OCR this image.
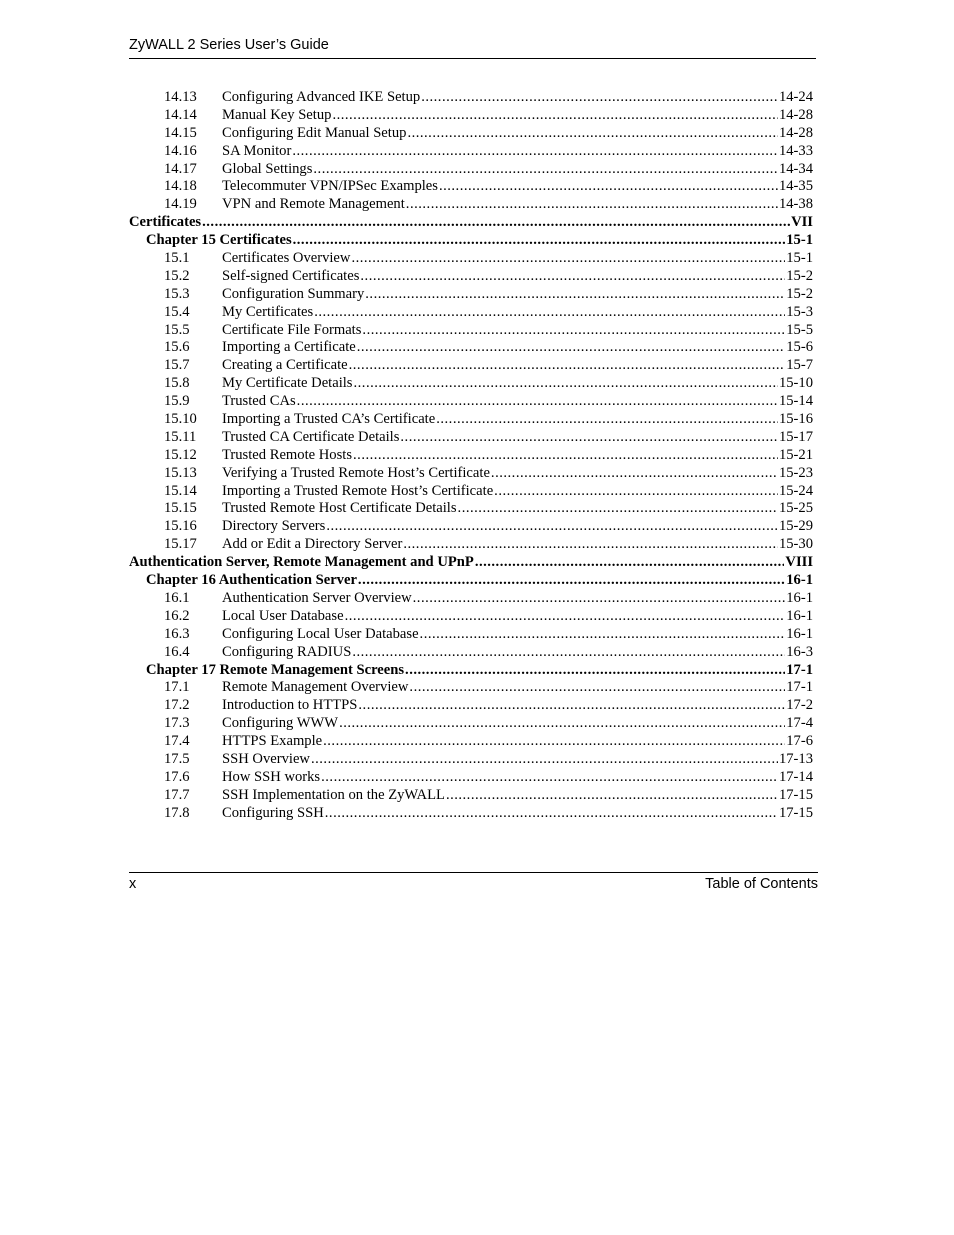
ZyWALL 2 Series User’s Guide
14.13	Configuring Advanced IKE Setup .....	14-24
14.14	Manual Key Setup .....	14-28
14.15	Configuring Edit Manual Setup .....	14-28
14.16	SA Monitor .....	14-33
14.17	Global Settings .....	14-34
14.18	Telecommuter VPN/IPSec Examples .....	14-35
14.19	VPN and Remote Management .....	14-38
Certificates .....	VII
Chapter 15 Certificates .....	15-1
15.1	Certificates Overview .....	15-1
15.2	Self-signed Certificates .....	15-2
15.3	Configuration Summary .....	15-2
15.4	My Certificates .....	15-3
15.5	Certificate File Formats .....	15-5
15.6	Importing a Certificate .....	15-6
15.7	Creating a Certificate .....	15-7
15.8	My Certificate Details .....	15-10
15.9	Trusted CAs .....	15-14
15.10	Importing a Trusted CA’s Certificate .....	15-16
15.11	Trusted CA Certificate Details .....	15-17
15.12	Trusted Remote Hosts .....	15-21
15.13	Verifying a Trusted Remote Host’s Certificate .....	15-23
15.14	Importing a Trusted Remote Host’s Certificate .....	15-24
15.15	Trusted Remote Host Certificate Details .....	15-25
15.16	Directory Servers .....	15-29
15.17	Add or Edit a Directory Server .....	15-30
Authentication Server, Remote Management and UPnP .....	VIII
Chapter 16 Authentication Server .....	16-1
16.1	Authentication Server Overview .....	16-1
16.2	Local User Database .....	16-1
16.3	Configuring Local User Database .....	16-1
16.4	Configuring RADIUS .....	16-3
Chapter 17 Remote Management Screens .....	17-1
17.1	Remote Management Overview .....	17-1
17.2	Introduction to HTTPS .....	17-2
17.3	Configuring WWW .....	17-4
17.4	HTTPS Example .....	17-6
17.5	SSH Overview .....	17-13
17.6	How SSH works .....	17-14
17.7	SSH Implementation on the ZyWALL .....	17-15
17.8	Configuring SSH .....	17-15
x	Table of Contents
